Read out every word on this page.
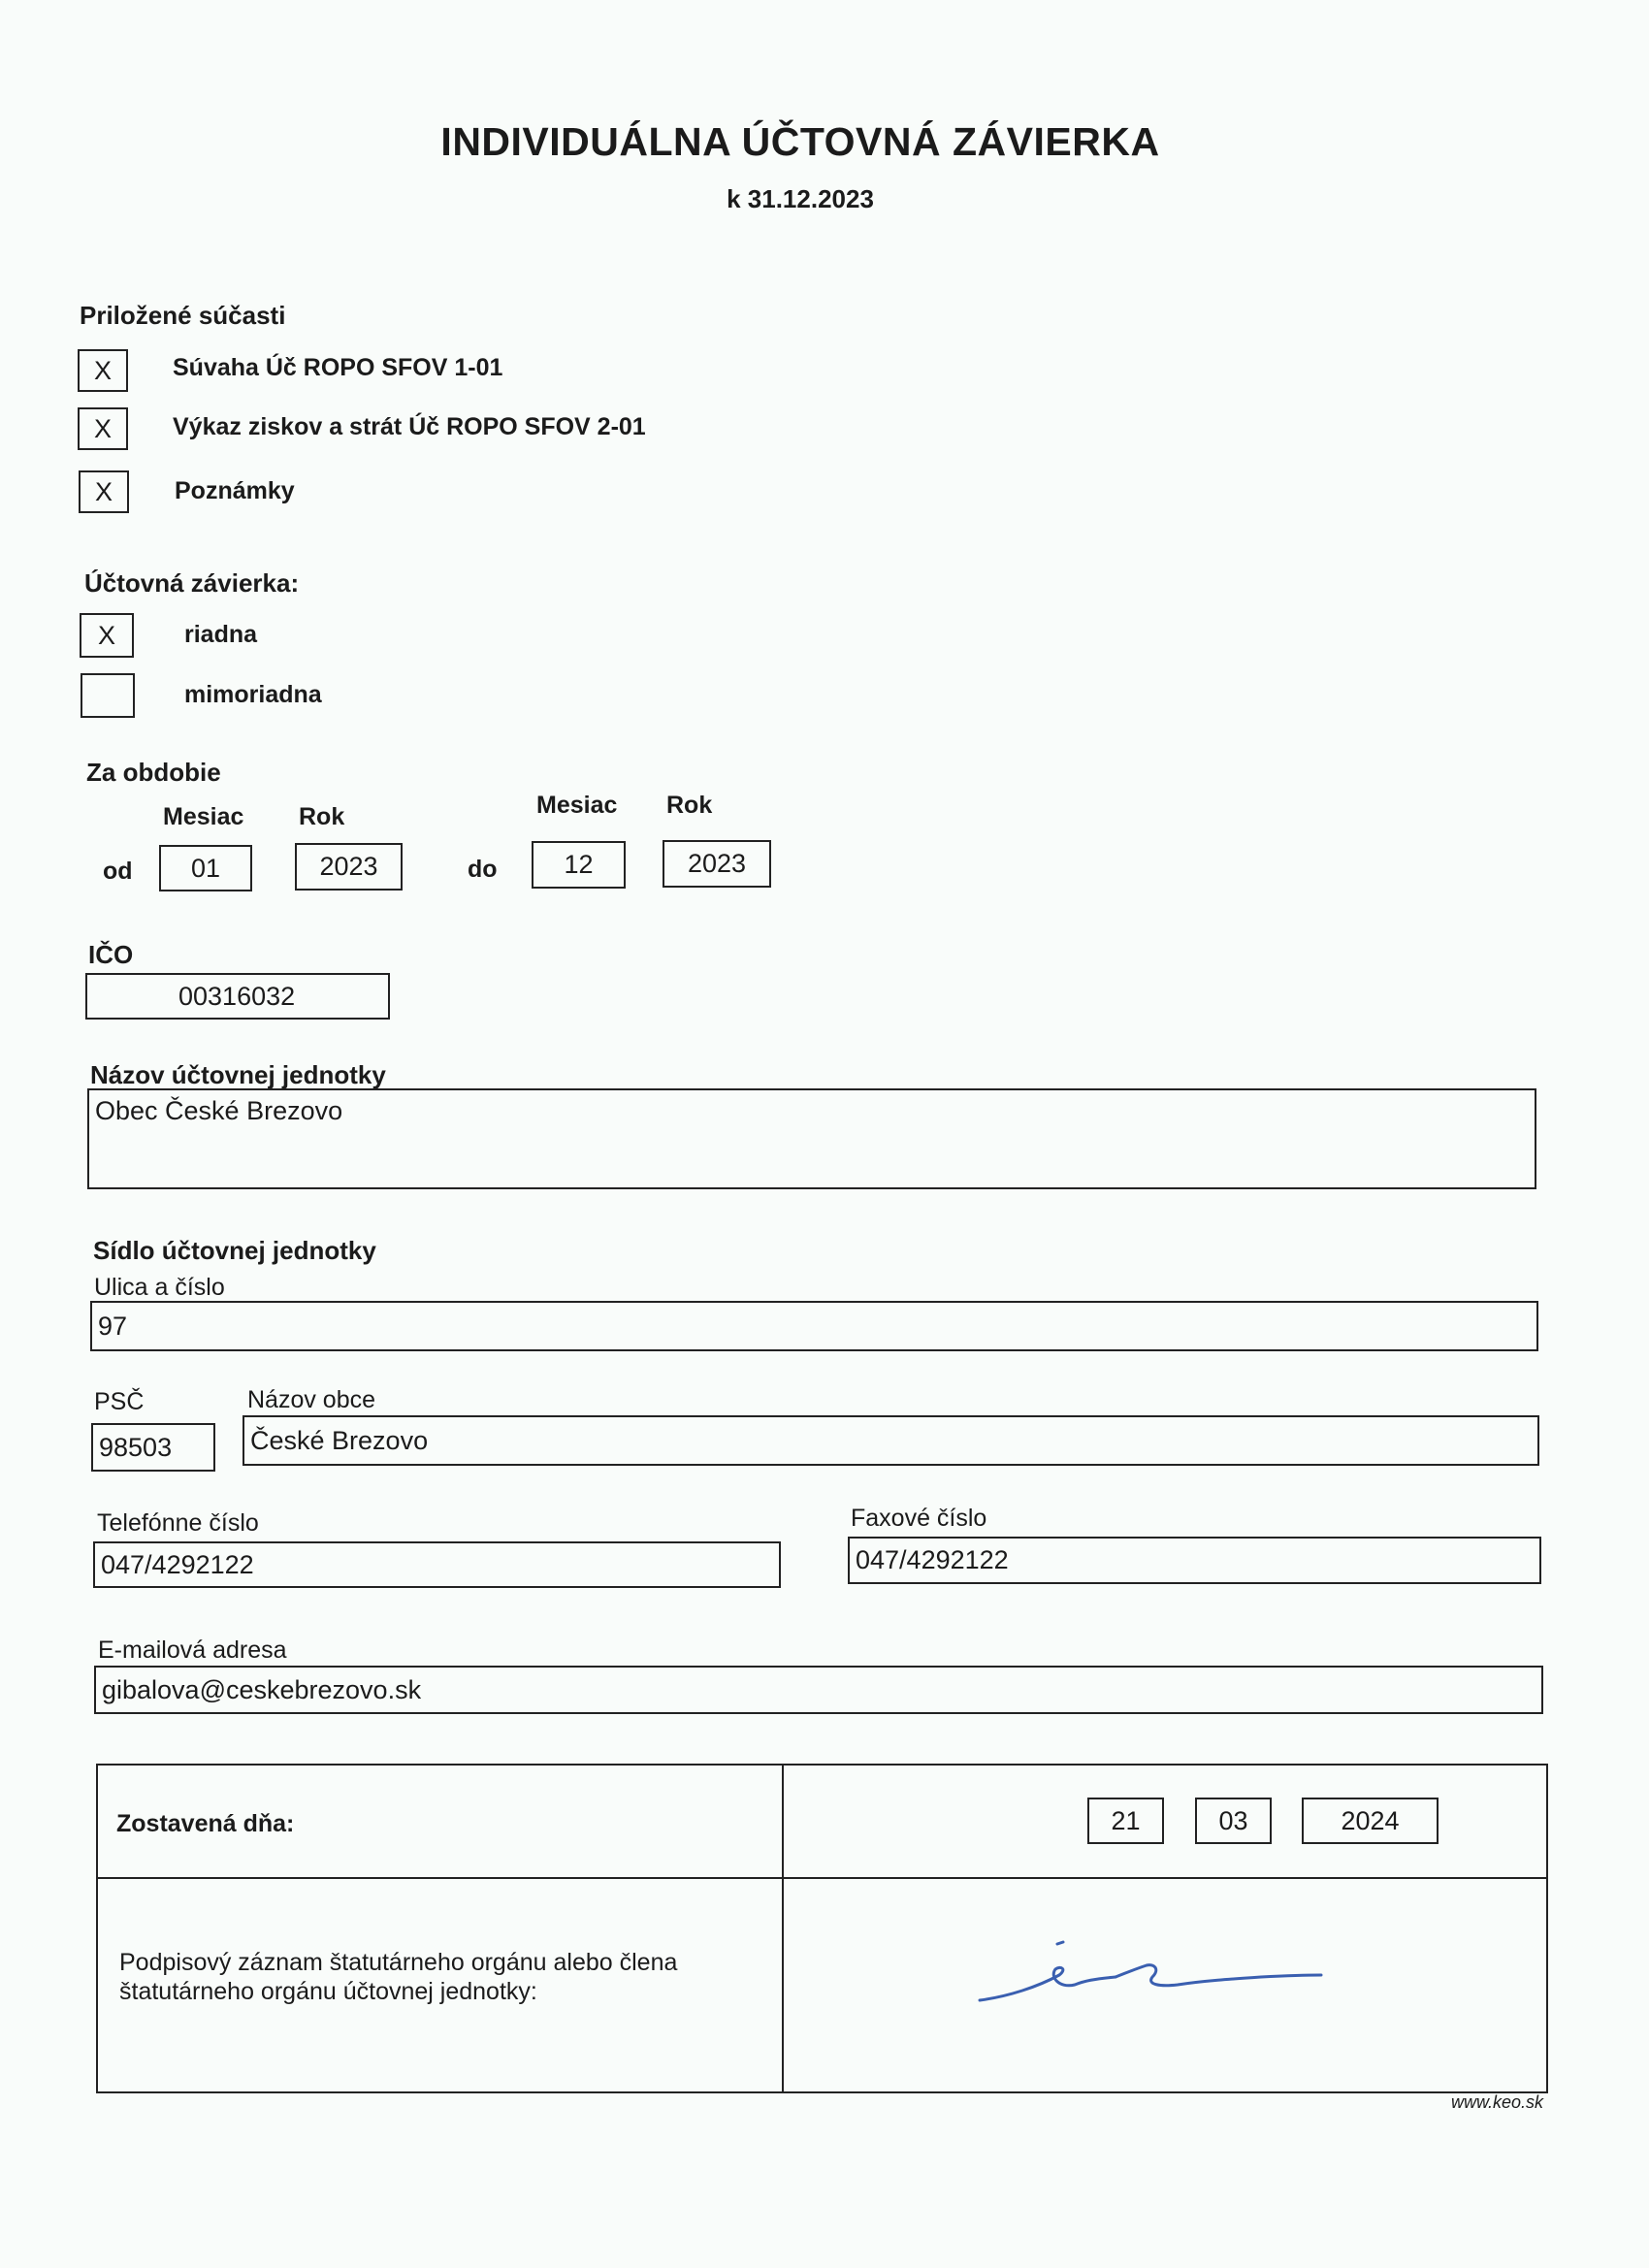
INDIVIDUÁLNA ÚČTOVNÁ ZÁVIERKA
k 31.12.2023
Priložené súčasti
X	Súvaha Úč ROPO SFOV 1-01
X	Výkaz ziskov a strát Úč ROPO SFOV 2-01
X	Poznámky
Účtovná závierka:
X	riadna
mimoriadna
Za obdobie
Mesiac Rok	Mesiac Rok
od	01	2023	do	12	2023
IČO
00316032
Názov účtovnej jednotky
Obec České Brezovo
Sídlo účtovnej jednotky
Ulica a číslo
97
PSČ
98503
Názov obce
České Brezovo
Telefónne číslo
047/4292122
Faxové číslo
047/4292122
E-mailová adresa
gibalova@ceskebrezovo.sk
Zostavená dňa:	21	03	2024
Podpisový záznam štatutárneho orgánu alebo člena
štatutárneho orgánu účtovnej jednotky:
www.keo.sk
